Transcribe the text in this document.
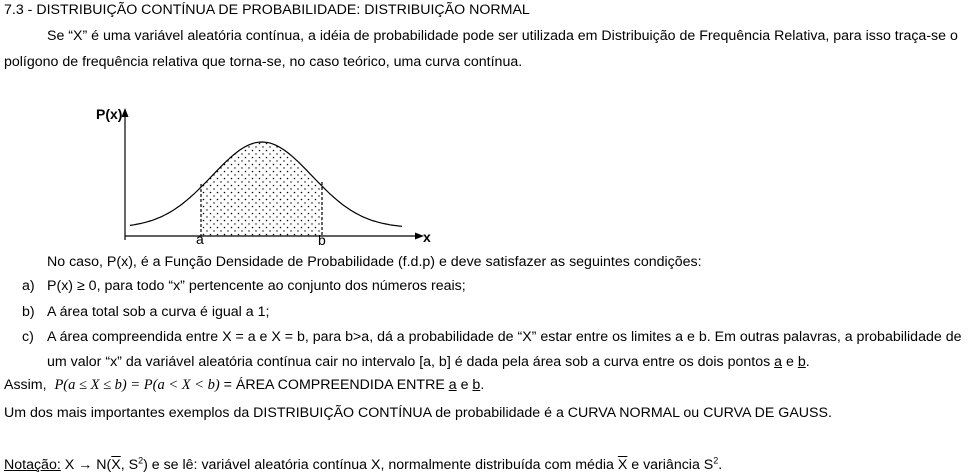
7.3 - DISTRIBUIÇÃO CONTÍNUA DE PROBABILIDADE: DISTRIBUIÇÃO NORMAL
Se “X” é uma variável aleatória contínua, a idéia de probabilidade pode ser utilizada em Distribuição de Frequência Relativa, para isso traça-se o
polígono de frequência relativa que torna-se, no caso teórico, uma curva contínua.
P(x)
x
a	b
No caso, P(x), é a Função Densidade de Probabilidade (f.d.p) e deve satisfazer as seguintes condições:
a) P(x) ≥ 0, para todo “x” pertencente ao conjunto dos números reais;
b) A área total sob a curva é igual a 1;
c) A área compreendida entre X = a e X = b, para b>a, dá a probabilidade de “X” estar entre os limites a e b. Em outras palavras, a probabilidade de
um valor “x” da variável aleatória contínua cair no intervalo [a, b] é dada pela área sob a curva entre os dois pontos a e b.
Assim, P(a ≤ X ≤ b) = P(a < X < b) = ÁREA COMPREENDIDA ENTRE a e b.
Um dos mais importantes exemplos da DISTRIBUIÇÃO CONTÍNUA de probabilidade é a CURVA NORMAL ou CURVA DE GAUSS.
Notação: $X \to N(\overline{X}$, $S^2$) e se lê: variável aleatória contínua X, normalmente distribuída com média $\overline{X}$ e variância $S^2$.
